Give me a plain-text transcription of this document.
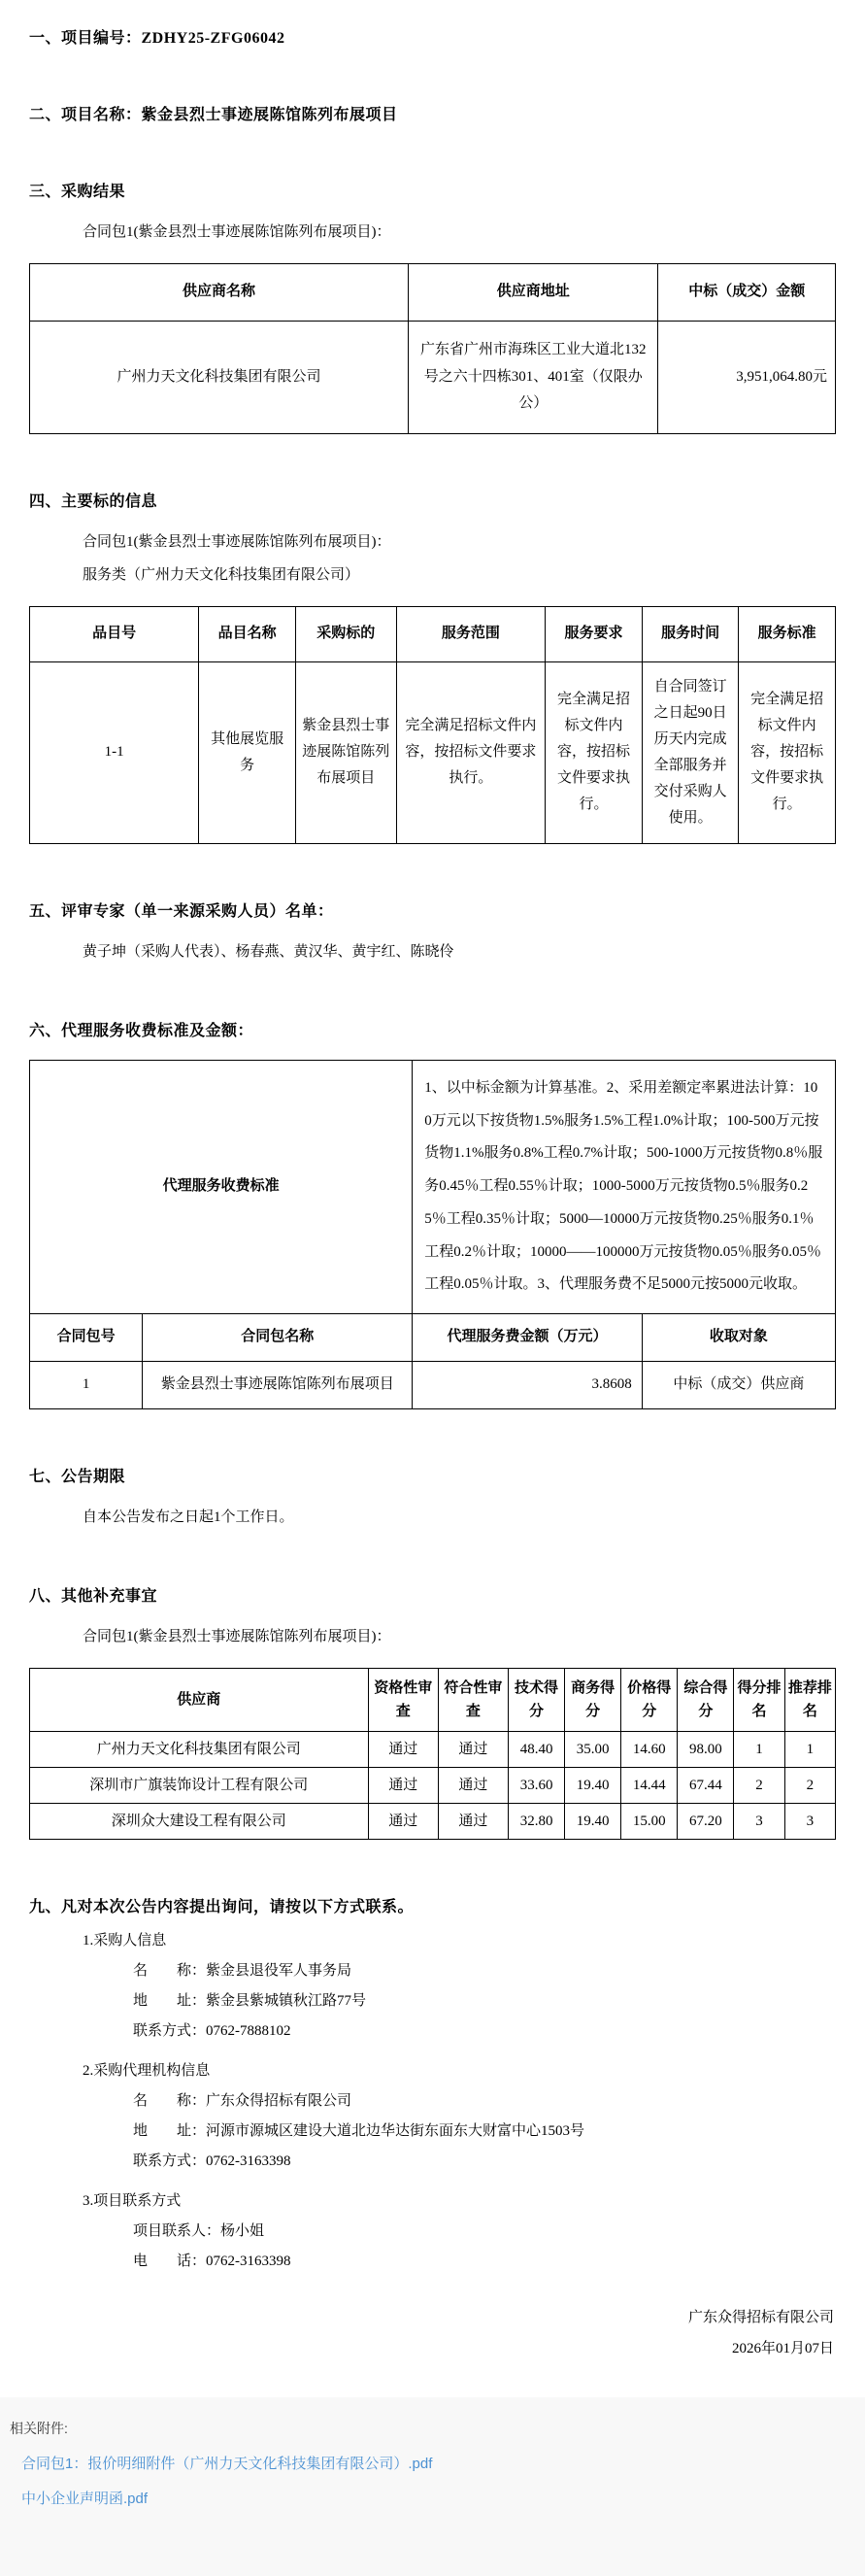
一、项目编号：ZDHY25-ZFG06042
二、项目名称：紫金县烈士事迹展陈馆陈列布展项目
三、采购结果
合同包1(紫金县烈士事迹展陈馆陈列布展项目)：
供应商名称	供应商地址	中标（成交）金额
广州力天文化科技集团有限公司	广东省广州市海珠区工业大道北132号之六十四栋301、401室（仅限办公）	3,951,064.80元
四、主要标的信息
合同包1(紫金县烈士事迹展陈馆陈列布展项目)：
服务类（广州力天文化科技集团有限公司）
品目号	品目名称	采购标的	服务范围	服务要求	服务时间	服务标准
1-1	其他展览服务	紫金县烈士事迹展陈馆陈列布展项目	完全满足招标文件内容，按招标文件要求执行。	完全满足招标文件内容，按招标文件要求执行。	自合同签订之日起90日历天内完成全部服务并交付采购人使用。	完全满足招标文件内容，按招标文件要求执行。
五、评审专家（单一来源采购人员）名单：
黄子坤（采购人代表）、杨春燕、黄汉华、黄宇红、陈晓伶
六、代理服务收费标准及金额：
代理服务收费标准		1、以中标金额为计算基准。2、采用差额定率累进法计算：100万元以下按货物1.5%服务1.5%工程1.0%计取；100-500万元按货物1.1%服务0.8%工程0.7%计取；500-1000万元按货物0.8％服务0.45％工程0.55％计取；1000-5000万元按货物0.5％服务0.25％工程0.35％计取；5000—10000万元按货物0.25％服务0.1％工程0.2％计取；10000——100000万元按货物0.05％服务0.05％工程0.05％计取。3、代理服务费不足5000元按5000元收取。	
合同包号	合同包名称	代理服务费金额（万元）	收取对象
1	紫金县烈士事迹展陈馆陈列布展项目	3.8608	中标（成交）供应商
七、公告期限
自本公告发布之日起1个工作日。
八、其他补充事宜
合同包1(紫金县烈士事迹展陈馆陈列布展项目)：
供应商	资格性审查	符合性审查	技术得分	商务得分	价格得分	综合得分	得分排名	推荐排名
广州力天文化科技集团有限公司	通过	通过	48.40	35.00	14.60	98.00	1	1
深圳市广旗装饰设计工程有限公司	通过	通过	33.60	19.40	14.44	67.44	2	2
深圳众大建设工程有限公司	通过	通过	32.80	19.40	15.00	67.20	3	3
九、凡对本次公告内容提出询问，请按以下方式联系。
1.采购人信息
名　　称：紫金县退役军人事务局
地　　址：紫金县紫城镇秋江路77号
联系方式：0762-7888102
2.采购代理机构信息
名　　称：广东众得招标有限公司
地　　址：河源市源城区建设大道北边华达街东面东大财富中心1503号
联系方式：0762-3163398
3.项目联系方式
项目联系人：杨小姐
电　　话：0762-3163398
广东众得招标有限公司
2026年01月07日
相关附件:
合同包1：报价明细附件（广州力天文化科技集团有限公司）.pdf
中小企业声明函.pdf
